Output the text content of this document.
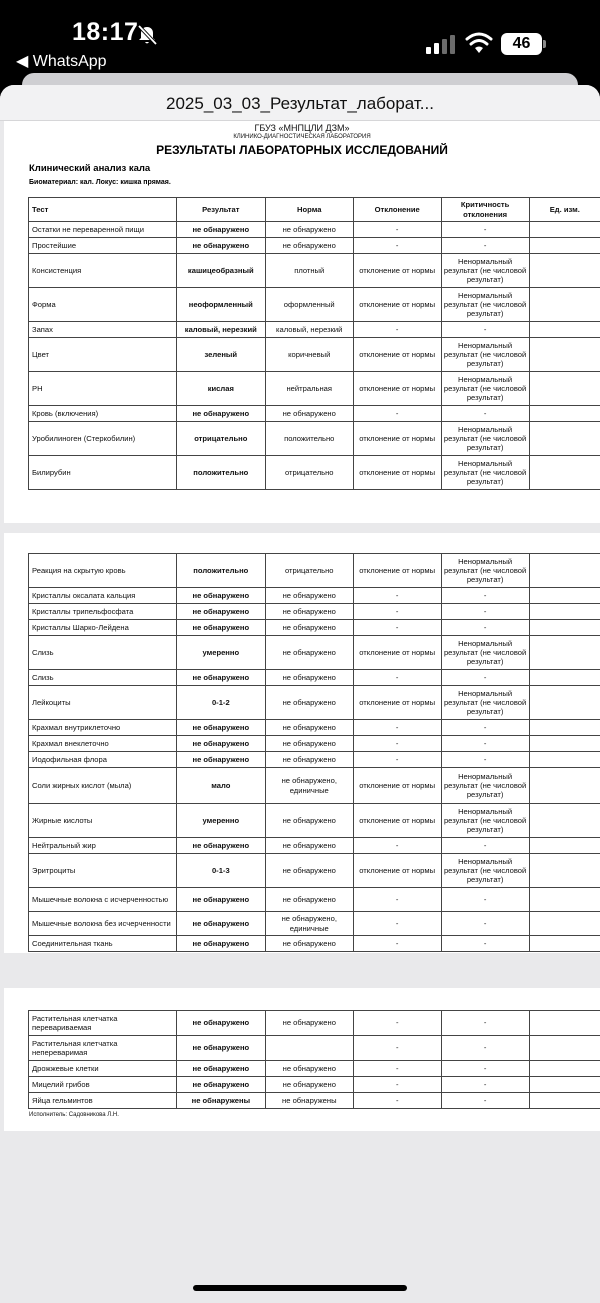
18:17
◀ WhatsApp
46
2025_03_03_Результат_лаборат...
ГБУЗ «МНПЦЛИ ДЗМ»
КЛИНИКО-ДИАГНОСТИЧЕСКАЯ ЛАБОРАТОРИЯ
РЕЗУЛЬТАТЫ ЛАБОРАТОРНЫХ ИССЛЕДОВАНИЙ
Клинический анализ кала
Биоматериал: кал. Локус: кишка прямая.
Тест	Результат	Норма	Отклонение	Критичность отклонения	Ед. изм.
Остатки не переваренной пищи	не обнаружено	не обнаружено	-	-	
Простейшие	не обнаружено	не обнаружено	-	-	
Консистенция	кашицеобразный	плотный	отклонение от нормы	Ненормальный результат (не числовой результат)	
Форма	неоформленный	оформленный	отклонение от нормы	Ненормальный результат (не числовой результат)	
Запах	каловый, нерезкий	каловый, нерезкий	-	-	
Цвет	зеленый	коричневый	отклонение от нормы	Ненормальный результат (не числовой результат)	
PH	кислая	нейтральная	отклонение от нормы	Ненормальный результат (не числовой результат)	
Кровь (включения)	не обнаружено	не обнаружено	-	-	
Уробилиноген (Стеркобилин)	отрицательно	положительно	отклонение от нормы	Ненормальный результат (не числовой результат)	
Билирубин	положительно	отрицательно	отклонение от нормы	Ненормальный результат (не числовой результат)	
Реакция на скрытую кровь	положительно	отрицательно	отклонение от нормы	Ненормальный результат (не числовой результат)	
Кристаллы оксалата кальция	не обнаружено	не обнаружено	-	-	
Кристаллы трипельфосфата	не обнаружено	не обнаружено	-	-	
Кристаллы Шарко-Лейдена	не обнаружено	не обнаружено	-	-	
Слизь	умеренно	не обнаружено	отклонение от нормы	Ненормальный результат (не числовой результат)	
Слизь	не обнаружено	не обнаружено	-	-	
Лейкоциты	0-1-2	не обнаружено	отклонение от нормы	Ненормальный результат (не числовой результат)	
Крахмал внутриклеточно	не обнаружено	не обнаружено	-	-	
Крахмал внеклеточно	не обнаружено	не обнаружено	-	-	
Иодофильная флора	не обнаружено	не обнаружено	-	-	
Соли жирных кислот (мыла)	мало	не обнаружено, единичные	отклонение от нормы	Ненормальный результат (не числовой результат)	
Жирные кислоты	умеренно	не обнаружено	отклонение от нормы	Ненормальный результат (не числовой результат)	
Нейтральный жир	не обнаружено	не обнаружено	-	-	
Эритроциты	0-1-3	не обнаружено	отклонение от нормы	Ненормальный результат (не числовой результат)	
Мышечные волокна с исчерченностью	не обнаружено	не обнаружено	-	-	
Мышечные волокна без исчерченности	не обнаружено	не обнаружено, единичные	-	-	
Соединительная ткань	не обнаружено	не обнаружено	-	-	
Растительная клетчатка перевариваемая	не обнаружено	не обнаружено	-	-	
Растительная клетчатка непереваримая	не обнаружено		-	-	
Дрожжевые клетки	не обнаружено	не обнаружено	-	-	
Мицелий грибов	не обнаружено	не обнаружено	-	-	
Яйца гельминтов	не обнаружены	не обнаружены	-	-	
Исполнитель: Садовникова Л.Н.
